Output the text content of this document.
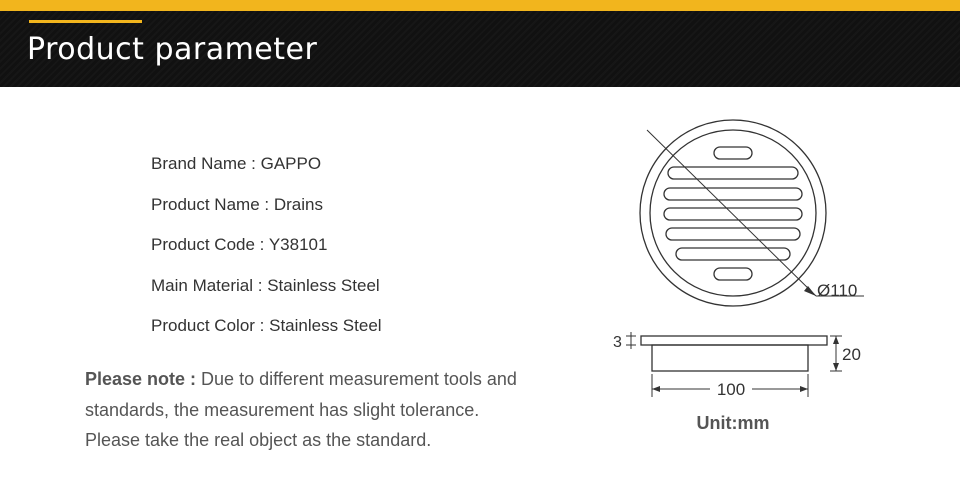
Product parameter
Brand Name : GAPPO
Product Name : Drains
Product Code : Y38101
Main Material : Stainless Steel
Product Color : Stainless Steel
Please note : Due to different measurement tools and
standards, the measurement has slight tolerance.
Please take the real object as the standard.
Ø110
3
20
100
Unit:mm
